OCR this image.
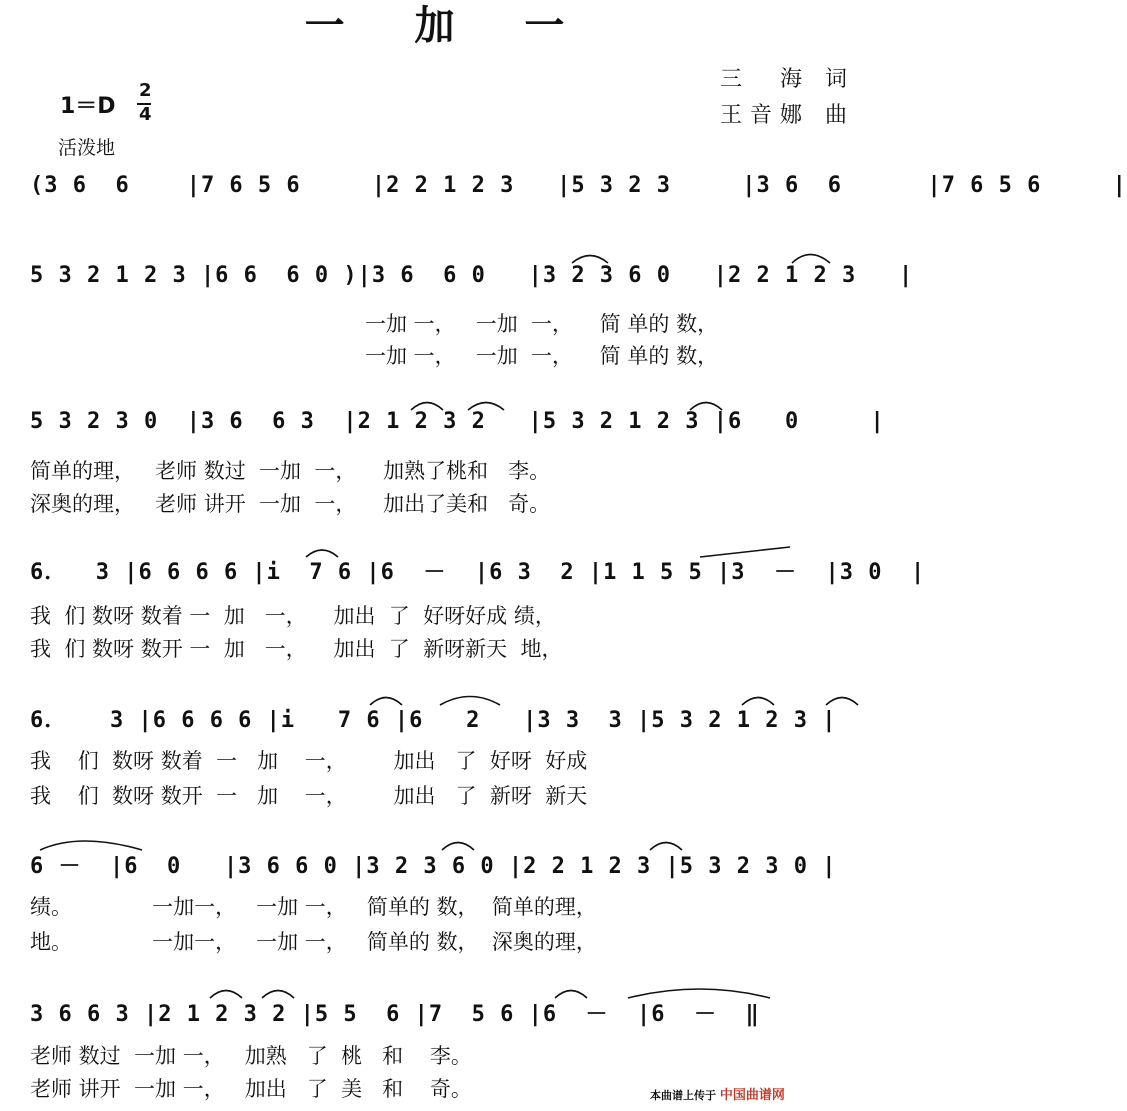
一 加 一
三  海 词
王音娜 曲
1＝D
2
4
活泼地
(3 6  6    |7 6 5 6     |2 2 1 2 3   |5 3 2 3     |3 6  6      |7 6 5 6     |
5 3 2 1 2 3 |6 6  6 0 )|3 6  6 0   |3 2 3 6 0   |2 2 1 2 3   |
一加 一，   一加  一，    简 单的 数，
一加 一，   一加  一，    简 单的 数，
5 3 2 3 0  |3 6  6 3  |2 1 2 3 2   |5 3 2 1 2 3 |6   0     |
简单的理，   老师 数过  一加  一，    加熟了桃和   李。
深奥的理，   老师 讲开  一加  一，    加出了美和   奇。
6．  3 |6 6 6 6 |i  7 6 |6  －  |6 3  2 |1 1 5 5 |3  －  |3 0  |
我  们 数呀 数着 一  加   一，    加出  了  好呀好成 绩，
我  们 数呀 数开 一  加   一，    加出  了  新呀新天  地，
6．   3 |6 6 6 6 |i   7 6 |6   2   |3 3  3 |5 3 2 1 2 3 |
我    们  数呀 数着  一   加    一，       加出   了  好呀  好成
我    们  数呀 数开  一   加    一，       加出   了  新呀  新天
6 －  |6  0   |3 6 6 0 |3 2 3 6 0 |2 2 1 2 3 |5 3 2 3 0 |
绩。            一加一，   一加 一，   简单的 数，  简单的理，
地。            一加一，   一加 一，   简单的 数，  深奥的理，
3 6 6 3 |2 1 2 3 2 |5 5  6 |7  5 6 |6  －  |6  －  ‖
老师 数过  一加 一，   加熟   了  桃   和    李。
老师 讲开  一加 一，   加出   了  美   和    奇。	本曲谱上传于 中国曲谱网
